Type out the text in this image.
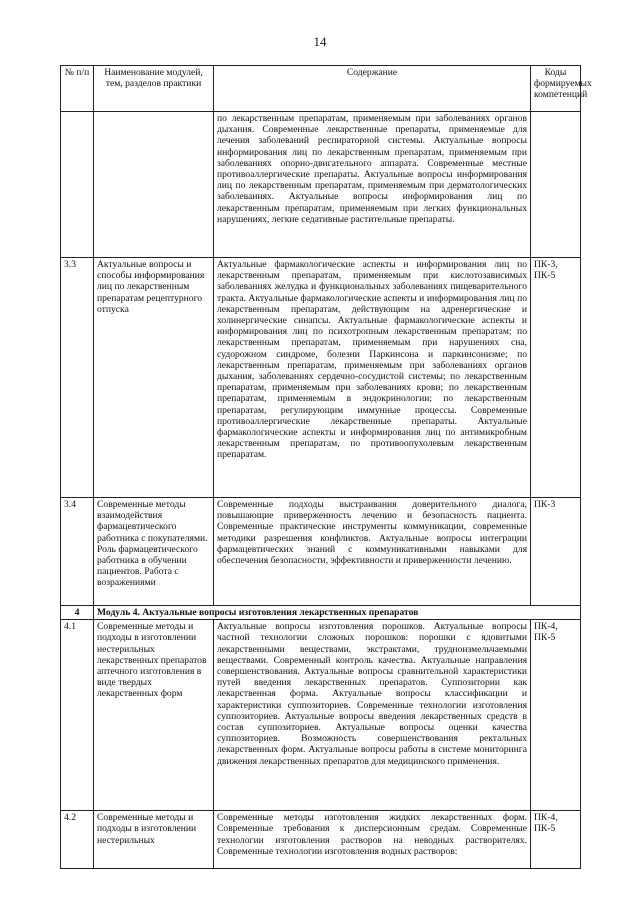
14
№ п/п	Наименование модулей, тем, разделов практики	Содержание	Коды формируемых компетенций
		по лекарственным препаратам, применяемым при заболеваниях органов дыхания. Современные лекарственные препараты, применяемые для лечения заболеваний респираторной системы. Актуальные вопросы информирования лиц по лекарственным препаратам, применяемым при заболеваниях опорно-двигательного аппарата. Современные местные противоаллергические препараты. Актуальные вопросы информирования лиц по лекарственным препаратам, применяемым при дерматологических заболеваниях. Актуальные вопросы информирования лиц по лекарственным препаратам, применяемым при легких функциональных нарушениях, легкие седативные растительные препараты.	
3.3	Актуальные вопросы и способы информирования лиц по лекарственным препаратам рецептурного отпуска	Актуальные фармакологические аспекты и информирования лиц по лекарственным препаратам, применяемым при кислотозависимых заболеваниях желудка и функциональных заболеваниях пищеварительного тракта. Актуальные фармакологические аспекты и информирования лиц по лекарственным препаратам, действующим на адренергические и холинергические синапсы. Актуальные фармакологические аспекты и информирования лиц по психотропным лекарственным препаратам; по лекарственным препаратам, применяемым при нарушениях сна, судорожном синдроме, болезни Паркинсона и паркинсонизме; по лекарственным препаратам, применяемым при заболеваниях органов дыхания, заболеваниях сердечно-сосудистой системы; по лекарственным препаратам, применяемым при заболеваниях крови; по лекарственным препаратам, применяемым в эндокринологии; по лекарственным препаратам, регулирующим иммунные процессы. Современные противоаллергические лекарственные препараты. Актуальные фармакологические аспекты и информирования лиц по антимикробным лекарственным препаратам, по противоопухолевым лекарственным препаратам.	ПК-3, ПК-5
3.4	Современные методы взаимодействия фармацевтического работника с покупателями. Роль фармацевтического работника в обучении пациентов. Работа с возражениями	Современные подходы выстраивания доверительного диалога, повышающие приверженность лечению и безопасность пациента. Современные практические инструменты коммуникации, современные методики разрешения конфликтов. Актуальные вопросы интеграции фармацевтических знаний с коммуникативными навыками для обеспечения безопасности, эффективности и приверженности лечению.	ПК-3
4	Модуль 4. Актуальные вопросы изготовления лекарственных препаратов		
4.1	Современные методы и подходы в изготовлении нестерильных лекарственных препаратов аптечного изготовления в виде твердых лекарственных форм	Актуальные вопросы изготовления порошков. Актуальные вопросы частной технологии сложных порошков: порошки с ядовитыми лекарственными веществами, экстрактами, трудноизмельчаемыми веществами. Современный контроль качества. Актуальные направления совершенствования. Актуальные вопросы сравнительной характеристики путей введения лекарственных препаратов. Суппозитории как лекарственная форма. Актуальные вопросы классификации и характеристики суппозиториев. Современные технологии изготовления суппозиториев. Актуальные вопросы введения лекарственных средств в состав суппозиториев. Актуальные вопросы оценки качества суппозиториев. Возможность совершенствования ректальных лекарственных форм. Актуальные вопросы работы в системе мониторинга движения лекарственных препаратов для медицинского применения.	ПК-4, ПК-5
4.2	Современные методы и подходы в изготовлении нестерильных	Современные методы изготовления жидких лекарственных форм. Современные требования к дисперсионным средам. Современные технологии изготовления растворов на неводных растворителях. Современные технологии изготовления водных растворов:	ПК-4, ПК-5
